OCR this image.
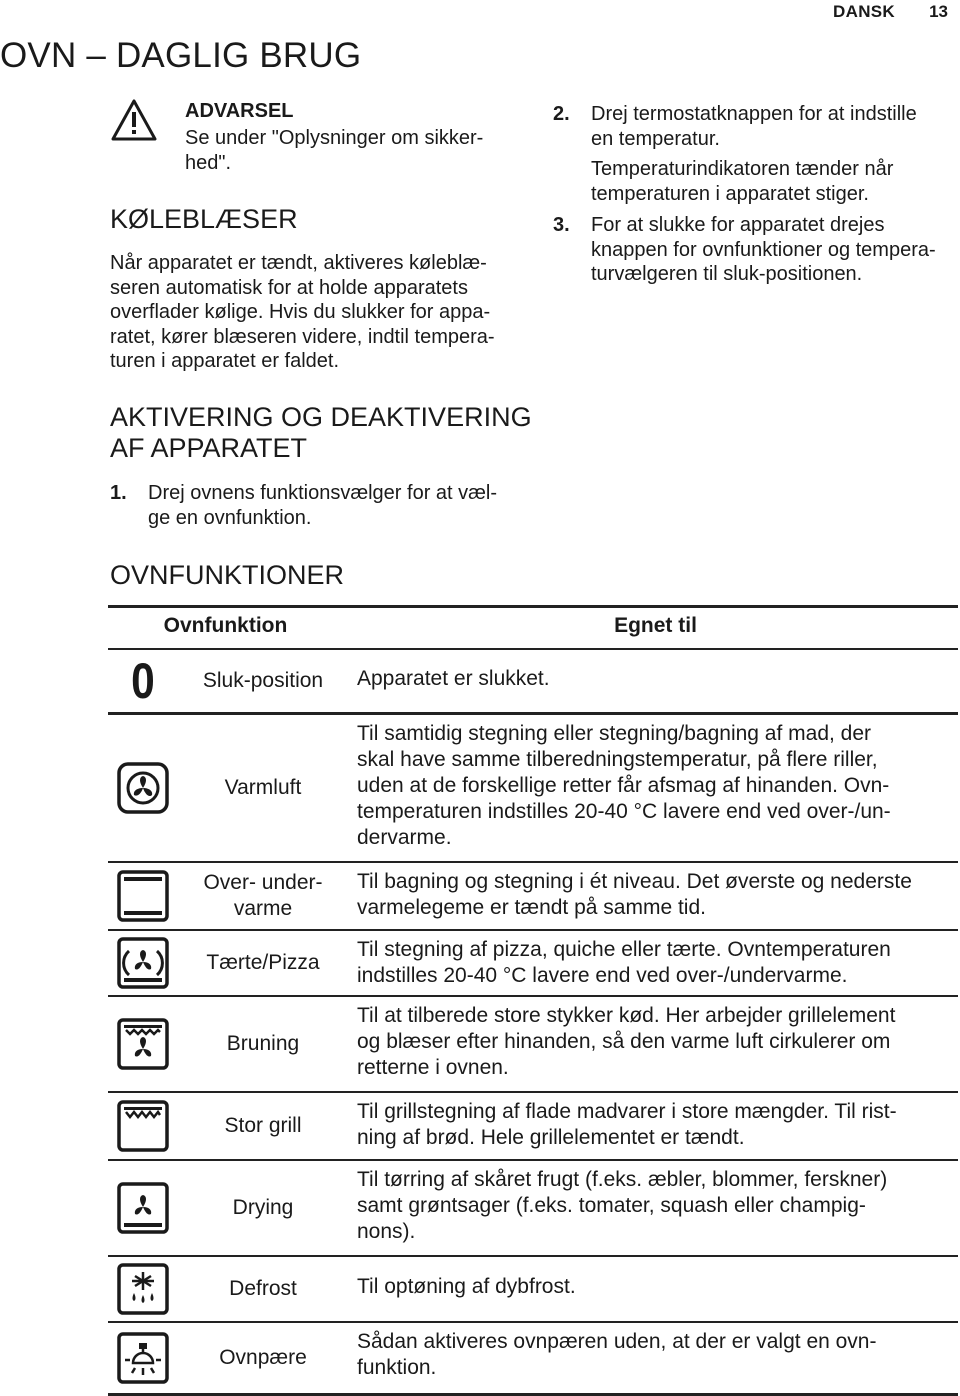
DANSK 13
OVN – DAGLIG BRUG
ADVARSEL
Se under "Oplysninger om sikker-
hed".
KØLEBLÆSER
Når apparatet er tændt, aktiveres køleblæ-
seren automatisk for at holde apparatets
overflader kølige. Hvis du slukker for appa-
ratet, kører blæseren videre, indtil tempera-
turen i apparatet er faldet.
AKTIVERING OG DEAKTIVERING
AF APPARATET
1. Drej ovnens funktionsvælger for at væl-
ge en ovnfunktion.
2. Drej termostatknappen for at indstille
en temperatur.

Temperaturindikatoren tænder når
temperaturen i apparatet stiger.

3. For at slukke for apparatet drejes
knappen for ovnfunktioner og tempera-
turvælgeren til sluk-positionen.
OVNFUNKTIONER
Ovnfunktion	Egnet til
0 Sluk-position Apparatet er slukket.
Varmluft
Til samtidig stegning eller stegning/bagning af mad, der
skal have samme tilberedningstemperatur, på flere riller,
uden at de forskellige retter får afsmag af hinanden. Ovn-
temperaturen indstilles 20-40 °C lavere end ved over-/un-
dervarme.
Over- under-
varme
Til bagning og stegning i ét niveau. Det øverste og nederste
varmelegeme er tændt på samme tid.
Tærte/Pizza
Til stegning af pizza, quiche eller tærte. Ovntemperaturen
indstilles 20-40 °C lavere end ved over-/undervarme.
Bruning
Til at tilberede store stykker kød. Her arbejder grillelement
og blæser efter hinanden, så den varme luft cirkulerer om
retterne i ovnen.
Stor grill
Til grillstegning af flade madvarer i store mængder. Til rist-
ning af brød. Hele grillelementet er tændt.
Drying
Til tørring af skåret frugt (f.eks. æbler, blommer, ferskner)
samt grøntsager (f.eks. tomater, squash eller champig-
nons).
Defrost	Til optøning af dybfrost.
Ovnpære
Sådan aktiveres ovnpæren uden, at der er valgt en ovn-
funktion.
